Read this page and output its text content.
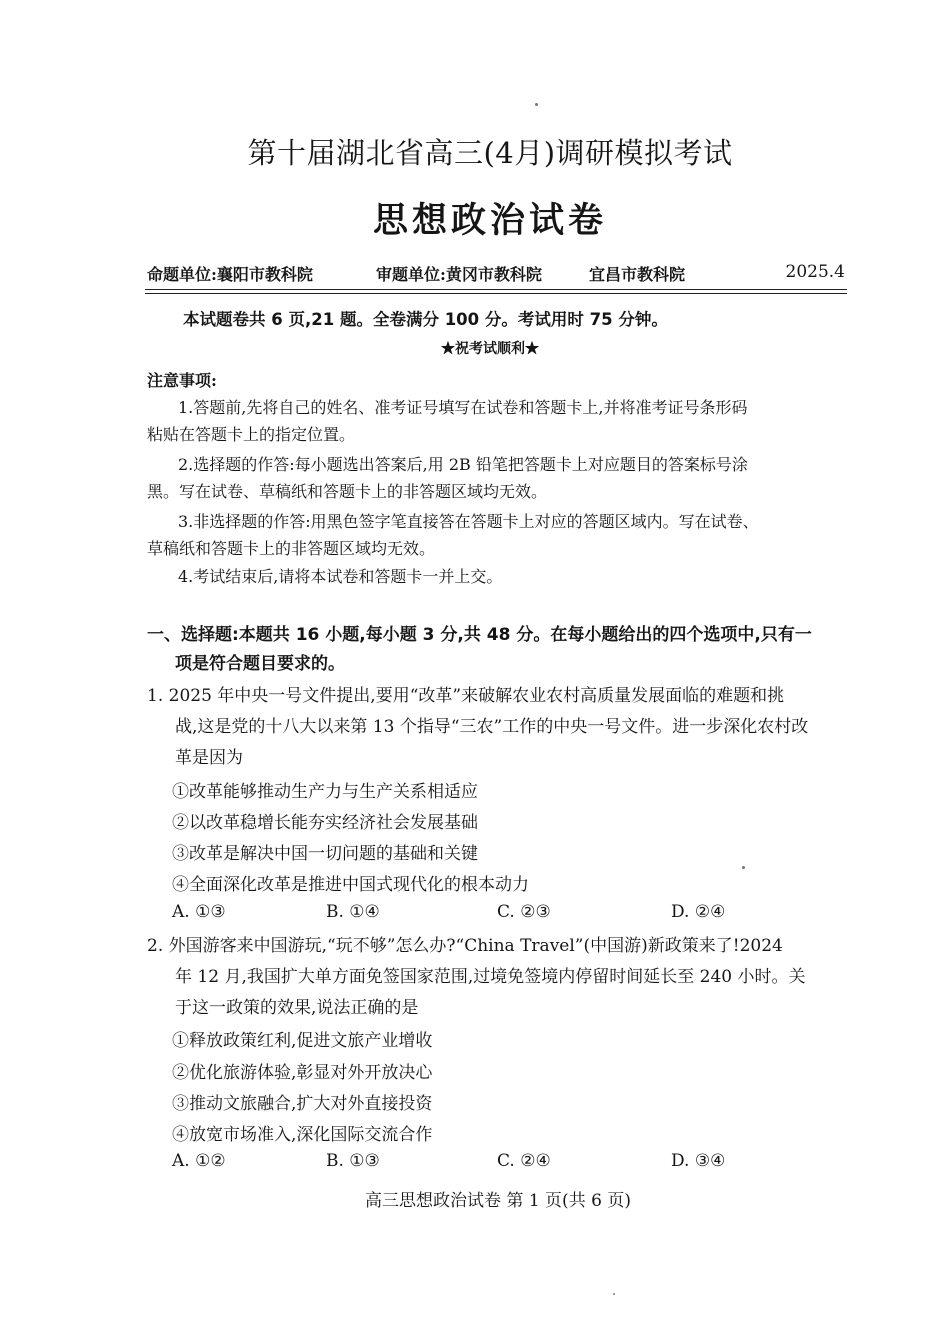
第十届湖北省高三(4月)调研模拟考试
思想政治试卷
命题单位:襄阳市教科院	审题单位:黄冈市教科院	宜昌市教科院	2025.4
本试题卷共 6 页,21 题。全卷满分 100 分。考试用时 75 分钟。
★祝考试顺利★
注意事项:
1.答题前,先将自己的姓名、准考证号填写在试卷和答题卡上,并将准考证号条形码
粘贴在答题卡上的指定位置。
2.选择题的作答:每小题选出答案后,用 2B 铅笔把答题卡上对应题目的答案标号涂
黑。写在试卷、草稿纸和答题卡上的非答题区域均无效。
3.非选择题的作答:用黑色签字笔直接答在答题卡上对应的答题区域内。写在试卷、
草稿纸和答题卡上的非答题区域均无效。
4.考试结束后,请将本试卷和答题卡一并上交。
一、选择题:本题共 16 小题,每小题 3 分,共 48 分。在每小题给出的四个选项中,只有一
项是符合题目要求的。
1. 2025 年中央一号文件提出,要用“改革”来破解农业农村高质量发展面临的难题和挑
战,这是党的十八大以来第 13 个指导“三农”工作的中央一号文件。进一步深化农村改
革是因为
①改革能够推动生产力与生产关系相适应
②以改革稳增长能夯实经济社会发展基础
③改革是解决中国一切问题的基础和关键
④全面深化改革是推进中国式现代化的根本动力
A. ①③	B. ①④	C. ②③	D. ②④
2. 外国游客来中国游玩,“玩不够”怎么办?“China Travel”(中国游)新政策来了!2024
年 12 月,我国扩大单方面免签国家范围,过境免签境内停留时间延长至 240 小时。关
于这一政策的效果,说法正确的是
①释放政策红利,促进文旅产业增收
②优化旅游体验,彰显对外开放决心
③推动文旅融合,扩大对外直接投资
④放宽市场准入,深化国际交流合作
A. ①②	B. ①③	C. ②④	D. ③④
高三思想政治试卷 第 1 页(共 6 页)
